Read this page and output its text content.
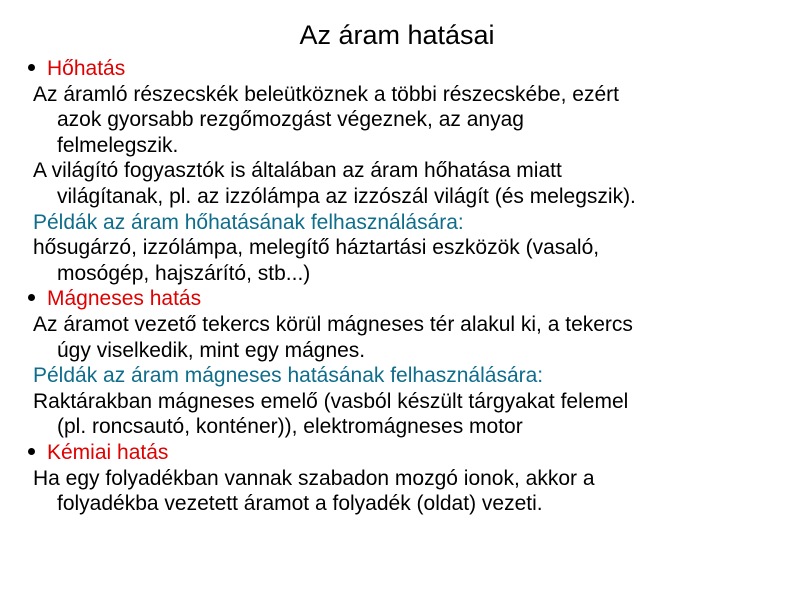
Az áram hatásai

Hőhatás

Az áramló részecskék beleütköznek a többi részecskébe, ezért
azok gyorsabb rezgőmozgást végeznek, az anyag
felmelegszik.

A világító fogyasztók is általában az áram hőhatása miatt
világítanak, pl. az izzólámpa az izzószál világít (és melegszik).

Példák az áram hőhatásának felhasználására:

hősugárzó, izzólámpa, melegítő háztartási eszközök (vasaló,
mosógép, hajszárító, stb...)

Mágneses hatás

Az áramot vezető tekercs körül mágneses tér alakul ki, a tekercs
úgy viselkedik, mint egy mágnes.

Példák az áram mágneses hatásának felhasználására:

Raktárakban mágneses emelő (vasból készült tárgyakat felemel
(pl. roncsautó, konténer)), elektromágneses motor

Kémiai hatás

Ha egy folyadékban vannak szabadon mozgó ionok, akkor a
folyadékba vezetett áramot a folyadék (oldat) vezeti.
